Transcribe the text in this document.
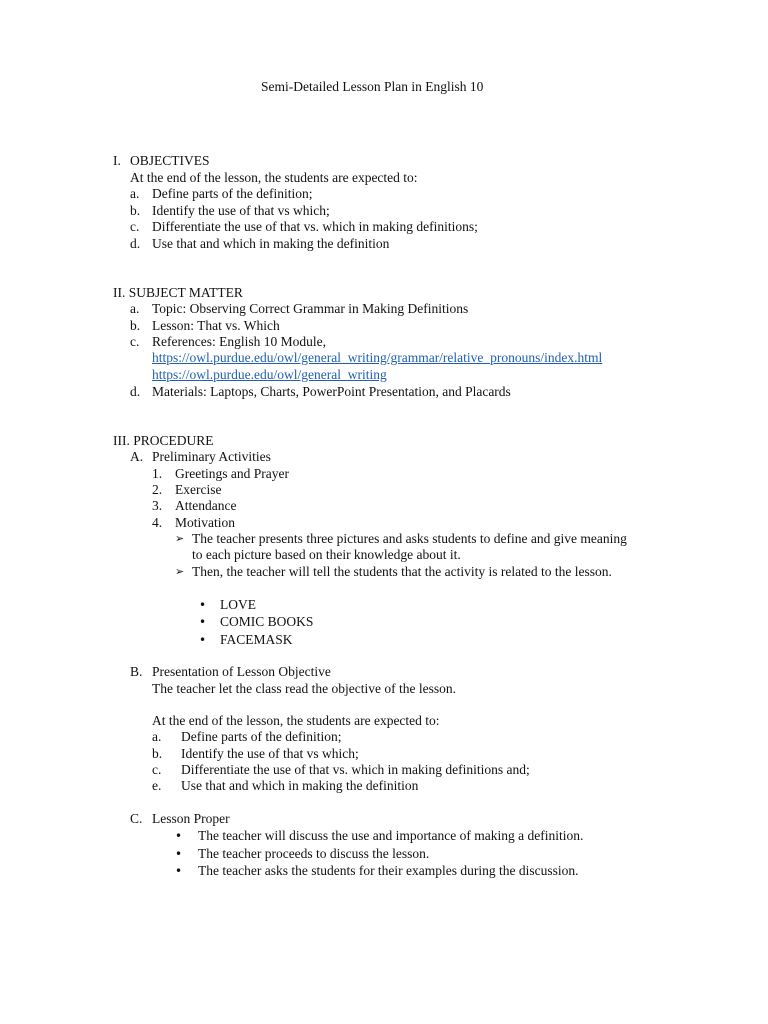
Semi-Detailed Lesson Plan in English 10
I. OBJECTIVES
At the end of the lesson, the students are expected to:
a. Define parts of the definition;
b. Identify the use of that vs which;
c. Differentiate the use of that vs. which in making definitions;
d. Use that and which in making the definition
II. SUBJECT MATTER
a. Topic: Observing Correct Grammar in Making Definitions
b. Lesson: That vs. Which
c. References: English 10 Module,
https://owl.purdue.edu/owl/general_writing/grammar/relative_pronouns/index.html
https://owl.purdue.edu/owl/general_writing
d. Materials: Laptops, Charts, PowerPoint Presentation, and Placards
III. PROCEDURE
A. Preliminary Activities
1. Greetings and Prayer
2. Exercise
3. Attendance
4. Motivation
➢ The teacher presents three pictures and asks students to define and give meaning
to each picture based on their knowledge about it.
➢ Then, the teacher will tell the students that the activity is related to the lesson.
• LOVE
• COMIC BOOKS
• FACEMASK
B. Presentation of Lesson Objective
The teacher let the class read the objective of the lesson.
At the end of the lesson, the students are expected to:
a. Define parts of the definition;
b. Identify the use of that vs which;
c. Differentiate the use of that vs. which in making definitions and;
e. Use that and which in making the definition
C. Lesson Proper
• The teacher will discuss the use and importance of making a definition.
• The teacher proceeds to discuss the lesson.
• The teacher asks the students for their examples during the discussion.
